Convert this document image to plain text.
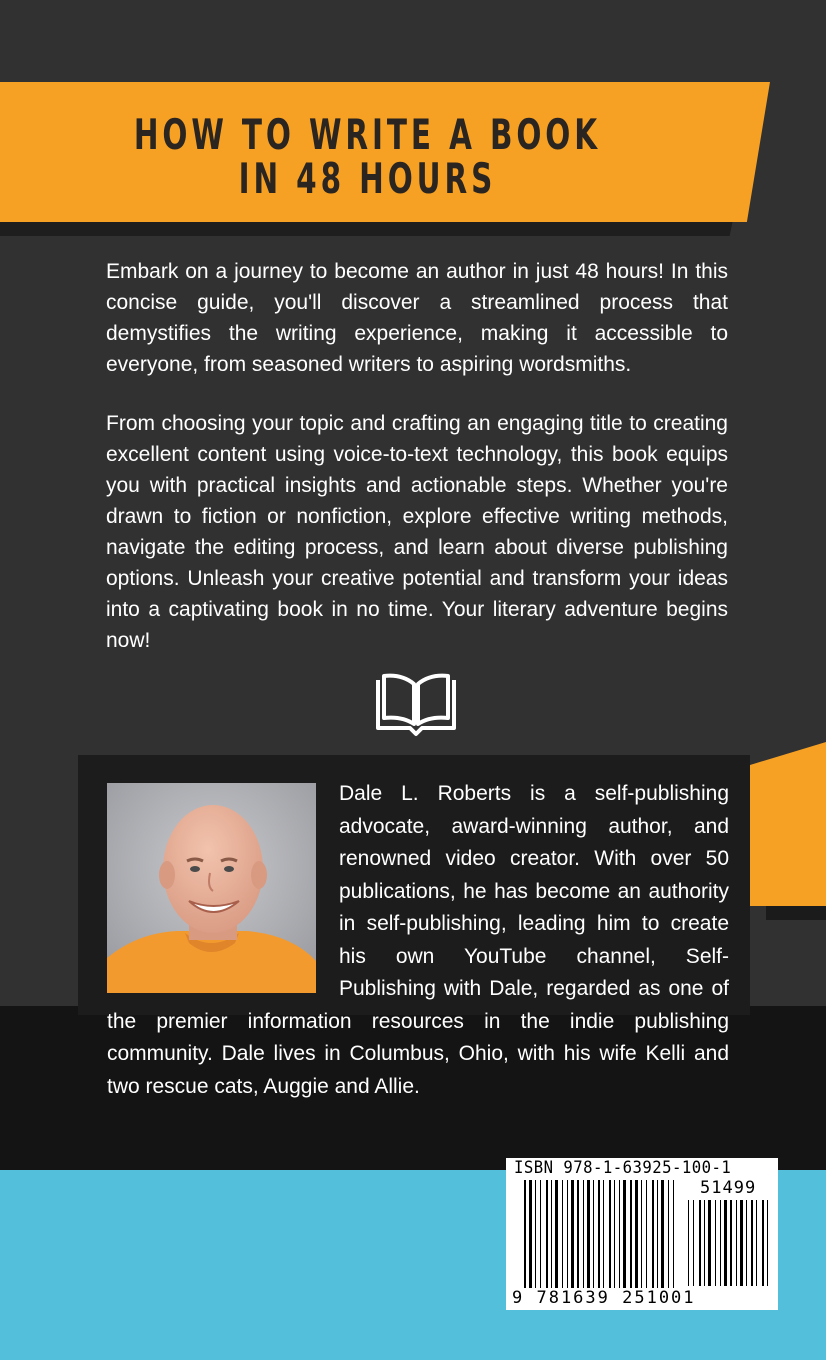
HOW TO WRITE A BOOK
IN 48 HOURS

Embark on a journey to become an author in just 48 hours! In this concise guide, you'll discover a streamlined process that demystifies the writing experience, making it accessible to everyone, from seasoned writers to aspiring wordsmiths.

From choosing your topic and crafting an engaging title to creating excellent content using voice-to-text technology, this book equips you with practical insights and actionable steps. Whether you're drawn to fiction or nonfiction, explore effective writing methods, navigate the editing process, and learn about diverse publishing options. Unleash your creative potential and transform your ideas into a captivating book in no time. Your literary adventure begins now!

Dale L. Roberts is a self-publishing advocate, award-winning author, and renowned video creator. With over 50 publications, he has become an authority in self-publishing, leading him to create his own YouTube channel, Self-Publishing with Dale, regarded as one of the premier information resources in the indie publishing community. Dale lives in Columbus, Ohio, with his wife Kelli and two rescue cats, Auggie and Allie.

ISBN 978-1-63925-100-1
51499
9 781639 251001
